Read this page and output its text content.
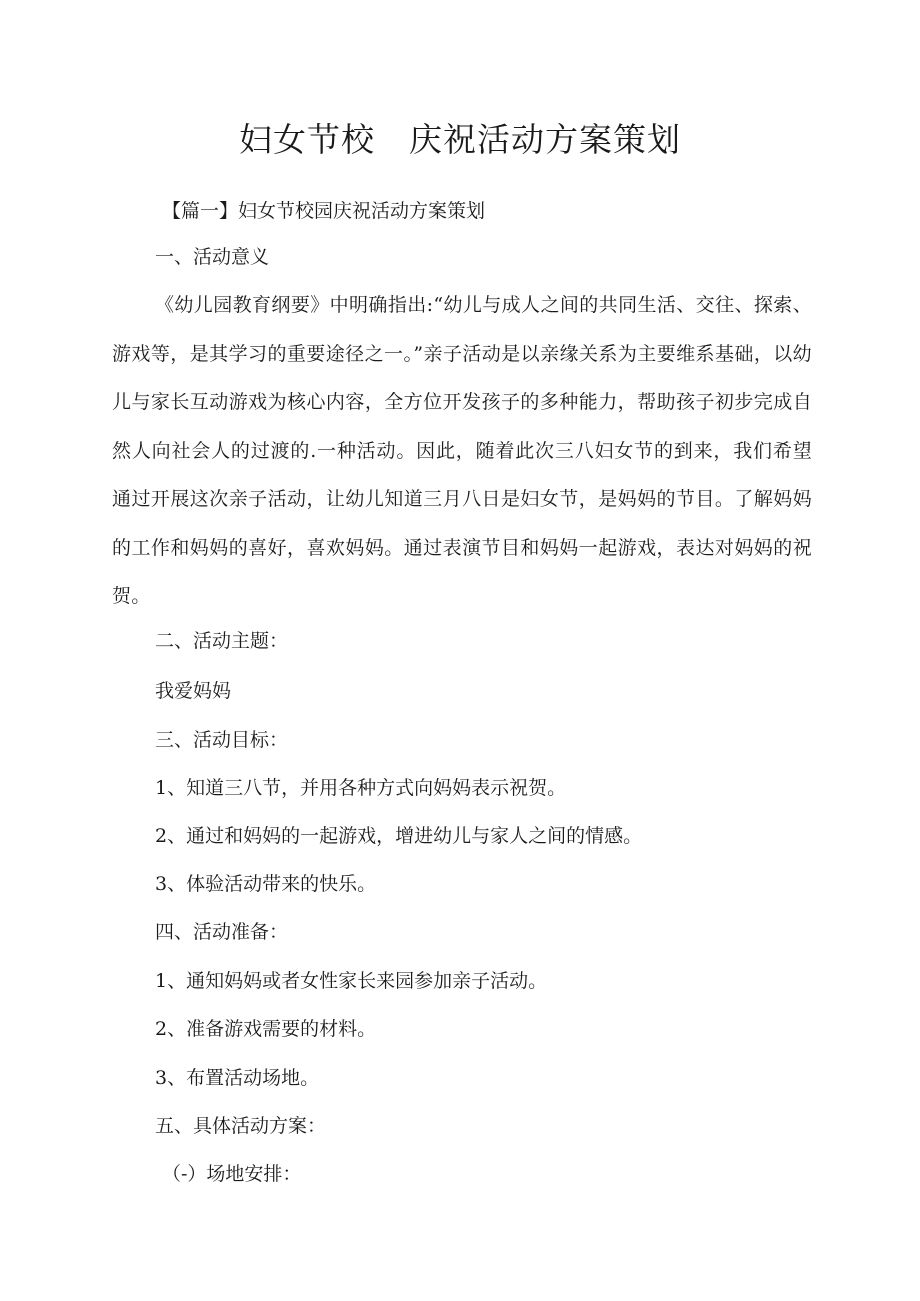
妇女节校 庆祝活动方案策划

【篇一】妇女节校园庆祝活动方案策划

一、活动意义

《幼儿园教育纲要》中明确指出:“幼儿与成人之间的共同生活、交往、探索、游戏等，是其学习的重要途径之一。”亲子活动是以亲缘关系为主要维系基础，以幼儿与家长互动游戏为核心内容，全方位开发孩子的多种能力，帮助孩子初步完成自然人向社会人的过渡的.一种活动。因此，随着此次三八妇女节的到来，我们希望通过开展这次亲子活动，让幼儿知道三月八日是妇女节，是妈妈的节目。了解妈妈的工作和妈妈的喜好，喜欢妈妈。通过表演节目和妈妈一起游戏，表达对妈妈的祝贺。

二、活动主题：

我爱妈妈

三、活动目标：

1、知道三八节，并用各种方式向妈妈表示祝贺。

2、通过和妈妈的一起游戏，增进幼儿与家人之间的情感。

3、体验活动带来的快乐。

四、活动准备：

1、通知妈妈或者女性家长来园参加亲子活动。

2、准备游戏需要的材料。

3、布置活动场地。

五、具体活动方案：

（-）场地安排：
